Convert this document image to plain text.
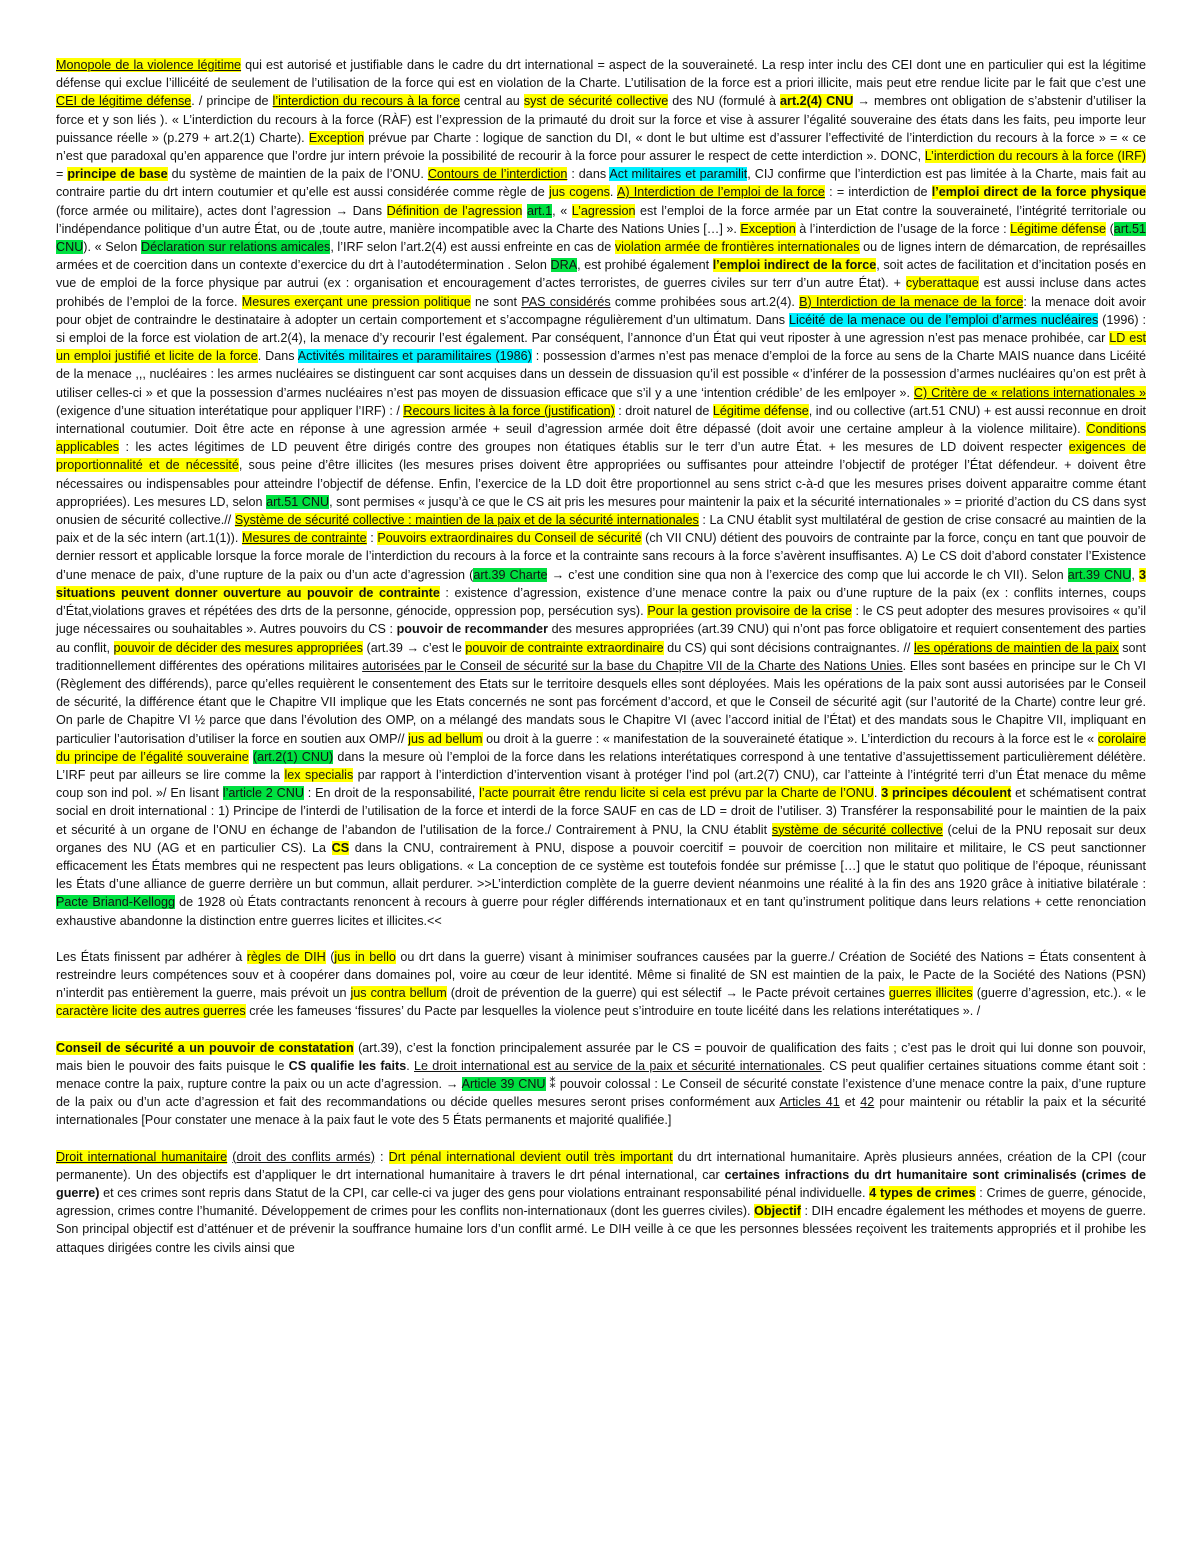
Monopole de la violence légitime qui est autorisé et justifiable dans le cadre du drt international = aspect de la souveraineté. La resp inter inclu des CEI dont une en particulier qui est la légitime défense qui exclue l’illicéité de seulement de l’utilisation de la force qui est en violation de la Charte. L’utilisation de la force est a priori illicite, mais peut etre rendue licite par le fait que c’est une CEI de légitime défense. / principe de l’interdiction du recours à la force central au syst de sécurité collective des NU (formulé à art.2(4) CNU → membres ont obligation de s’abstenir d’utiliser la force et y son liés ). « L’interdiction du recours à la force (RÀF) est l’expression de la primauté du droit sur la force et vise à assurer l’égalité souveraine des états dans les faits, peu importe leur puissance réelle » (p.279 + art.2(1) Charte). Exception prévue par Charte : logique de sanction du DI, « dont le but ultime est d’assurer l’effectivité de l’interdiction du recours à la force » = « ce n’est que paradoxal qu’en apparence que l’ordre jur intern prévoie la possibilité de recourir à la force pour assurer le respect de cette interdiction ». DONC, L’interdiction du recours à la force (IRF) = principe de base du système de maintien de la paix de l’ONU. Contours de l’interdiction : dans Act militaires et paramilit, CIJ confirme que l’interdiction est pas limitée à la Charte, mais fait au contraire partie du drt intern coutumier et qu’elle est aussi considérée comme règle de jus cogens. A) Interdiction de l’emploi de la force : = interdiction de l’emploi direct de la force physique (force armée ou militaire), actes dont l’agression → Dans Définition de l’agression art.1, « L’agression est l’emploi de la force armée par un Etat contre la souveraineté, l’intégrité territoriale ou l’indépendance politique d’un autre État, ou de ,toute autre, manière incompatible avec la Charte des Nations Unies […] ». Exception à l’interdiction de l’usage de la force : Légitime défense (art.51 CNU). « Selon Déclaration sur relations amicales, l’IRF selon l’art.2(4) est aussi enfreinte en cas de violation armée de frontières internationales ou de lignes intern de démarcation, de représailles armées et de coercition dans un contexte d’exercice du drt à l’autodétermination . Selon DRA, est prohibé également l’emploi indirect de la force, soit actes de facilitation et d’incitation posés en vue de emploi de la force physique par autrui (ex : organisation et encouragement d’actes terroristes, de guerres civiles sur terr d’un autre État). + cyberattaque est aussi incluse dans actes prohibés de l’emploi de la force. Mesures exerçant une pression politique ne sont PAS considérés comme prohibées sous art.2(4). B) Interdiction de la menace de la force: la menace doit avoir pour objet de contraindre le destinataire à adopter un certain comportement et s’accompagne régulièrement d’un ultimatum. Dans Licéité de la menace ou de l’emploi d’armes nucléaires (1996) : si emploi de la force est violation de art.2(4), la menace d’y recourir l’est également. Par conséquent, l’annonce d’un État qui veut riposter à une agression n’est pas menace prohibée, car LD est un emploi justifié et licite de la force. Dans Activités militaires et paramilitaires (1986) : possession d’armes n’est pas menace d’emploi de la force au sens de la Charte MAIS nuance dans Licéité de la menace ,,, nucléaires : les armes nucléaires se distinguent car sont acquises dans un dessein de dissuasion qu’il est possible « d’inférer de la possession d’armes nucléaires qu’on est prêt à utiliser celles-ci » et que la possession d’armes nucléaires n’est pas moyen de dissuasion efficace que s’il y a une ‘intention crédible’ de les emlpoyer ». C) Critère de « relations internationales » (exigence d’une situation interétatique pour appliquer l’IRF) : / Recours licites à la force (justification) : droit naturel de Légitime défense, ind ou collective (art.51 CNU) + est aussi reconnue en droit international coutumier. Doit être acte en réponse à une agression armée + seuil d’agression armée doit être dépassé (doit avoir une certaine ampleur à la violence militaire). Conditions applicables : les actes légitimes de LD peuvent être dirigés contre des groupes non étatiques établis sur le terr d’un autre État. + les mesures de LD doivent respecter exigences de proportionnalité et de nécessité, sous peine d’être illicites (les mesures prises doivent être appropriées ou suffisantes pour atteindre l’objectif de protéger l’État défendeur. + doivent être nécessaires ou indispensables pour atteindre l’objectif de défense. Enfin, l’exercice de la LD doit être proportionnel au sens strict c-à-d que les mesures prises doivent apparaitre comme étant appropriées). Les mesures LD, selon art.51 CNU, sont permises « jusqu’à ce que le CS ait pris les mesures pour maintenir la paix et la sécurité internationales » = priorité d’action du CS dans syst onusien de sécurité collective.// Système de sécurité collective : maintien de la paix et de la sécurité internationales : La CNU établit syst multilatéral de gestion de crise consacré au maintien de la paix et de la séc intern (art.1(1)). Mesures de contrainte : Pouvoirs extraordinaires du Conseil de sécurité (ch VII CNU) détient des pouvoirs de contrainte par la force, conçu en tant que pouvoir de dernier ressort et applicable lorsque la force morale de l’interdiction du recours à la force et la contrainte sans recours à la force s’avèrent insuffisantes. A) Le CS doit d’abord constater l’Existence d’une menace de paix, d’une rupture de la paix ou d’un acte d’agression (art.39 Charte → c’est une condition sine qua non à l’exercice des comp que lui accorde le ch VII). Selon art.39 CNU, 3 situations peuvent donner ouverture au pouvoir de contrainte : existence d’agression, existence d’une menace contre la paix ou d’une rupture de la paix (ex : conflits internes, coups d’État,violations graves et répétées des drts de la personne, génocide, oppression pop, persécution sys). Pour la gestion provisoire de la crise : le CS peut adopter des mesures provisoires « qu’il juge nécessaires ou souhaitables ». Autres pouvoirs du CS : pouvoir de recommander des mesures appropriées (art.39 CNU) qui n’ont pas force obligatoire et requiert consentement des parties au conflit, pouvoir de décider des mesures appropriées (art.39 → c’est le pouvoir de contrainte extraordinaire du CS) qui sont décisions contraignantes. // les opérations de maintien de la paix sont traditionnellement différentes des opérations militaires autorisées par le Conseil de sécurité sur la base du Chapitre VII de la Charte des Nations Unies. Elles sont basées en principe sur le Ch VI (Règlement des différends), parce qu’elles requièrent le consentement des Etats sur le territoire desquels elles sont déployées. Mais les opérations de la paix sont aussi autorisées par le Conseil de sécurité, la différence étant que le Chapitre VII implique que les Etats concernés ne sont pas forcément d’accord, et que le Conseil de sécurité agit (sur l’autorité de la Charte) contre leur gré. On parle de Chapitre VI ½ parce que dans l’évolution des OMP, on a mélangé des mandats sous le Chapitre VI (avec l’accord initial de l’État) et des mandats sous le Chapitre VII, impliquant en particulier l’autorisation d’utiliser la force en soutien aux OMP// jus ad bellum ou droit à la guerre : « manifestation de la souveraineté étatique ». L’interdiction du recours à la force est le « corolaire du principe de l’égalité souveraine (art.2(1) CNU) dans la mesure où l’emploi de la force dans les relations interétatiques correspond à une tentative d’assujettissement particulièrement délétère. L’IRF peut par ailleurs se lire comme la lex specialis par rapport à l’interdiction d’intervention visant à protéger l’ind pol (art.2(7) CNU), car l’atteinte à l’intégrité terri d’un État menace du même coup son ind pol. »/ En lisant l’article 2 CNU : En droit de la responsabilité, l’acte pourrait être rendu licite si cela est prévu par la Charte de l’ONU. 3 principes découlent et schématisent contrat social en droit international : 1) Principe de l’interdi de l’utilisation de la force et interdi de la force SAUF en cas de LD = droit de l’utiliser. 3) Transférer la responsabilité pour le maintien de la paix et sécurité à un organe de l’ONU en échange de l’abandon de l’utilisation de la force./ Contrairement à PNU, la CNU établit système de sécurité collective (celui de la PNU reposait sur deux organes des NU (AG et en particulier CS). La CS dans la CNU, contrairement à PNU, dispose a pouvoir coercitif = pouvoir de coercition non militaire et militaire, le CS peut sanctionner efficacement les États membres qui ne respectent pas leurs obligations. « La conception de ce système est toutefois fondée sur prémisse […] que le statut quo politique de l’époque, réunissant les États d’une alliance de guerre derrière un but commun, allait perdurer. >>L’interdiction complète de la guerre devient néanmoins une réalité à la fin des ans 1920 grâce à initiative bilatérale : Pacte Briand-Kellogg de 1928 où États contractants renoncent à recours à guerre pour régler différends internationaux et en tant qu’instrument politique dans leurs relations + cette renonciation exhaustive abandonne la distinction entre guerres licites et illicites.<<

Les États finissent par adhérer à règles de DIH (jus in bello ou drt dans la guerre) visant à minimiser soufrances causées par la guerre./ Création de Société des Nations = États consentent à restreindre leurs compétences souv et à coopérer dans domaines pol, voire au cœur de leur identité. Même si finalité de SN est maintien de la paix, le Pacte de la Société des Nations (PSN) n’interdit pas entièrement la guerre, mais prévoit un jus contra bellum (droit de prévention de la guerre) qui est sélectif → le Pacte prévoit certaines guerres illicites (guerre d’agression, etc.). « le caractère licite des autres guerres crée les fameuses ‘fissures’ du Pacte par lesquelles la violence peut s’introduire en toute licéité dans les relations interétatiques ». /

Conseil de sécurité a un pouvoir de constatation (art.39), c’est la fonction principalement assurée par le CS = pouvoir de qualification des faits ; c’est pas le droit qui lui donne son pouvoir, mais bien le pouvoir des faits puisque le CS qualifie les faits. Le droit international est au service de la paix et sécurité internationales. CS peut qualifier certaines situations comme étant soit : menace contre la paix, rupture contre la paix ou un acte d’agression. → Article 39 CNU ⁑ pouvoir colossal : Le Conseil de sécurité constate l’existence d’une menace contre la paix, d’une rupture de la paix ou d’un acte d’agression et fait des recommandations ou décide quelles mesures seront prises conformément aux Articles 41 et 42 pour maintenir ou rétablir la paix et la sécurité internationales [Pour constater une menace à la paix faut le vote des 5 États permanents et majorité qualifiée.]

Droit international humanitaire (droit des conflits armés) : Drt pénal international devient outil très important du drt international humanitaire. Après plusieurs années, création de la CPI (cour permanente). Un des objectifs est d’appliquer le drt international humanitaire à travers le drt pénal international, car certaines infractions du drt humanitaire sont criminalisés (crimes de guerre) et ces crimes sont repris dans Statut de la CPI, car celle-ci va juger des gens pour violations entrainant responsabilité pénal individuelle. 4 types de crimes : Crimes de guerre, génocide, agression, crimes contre l’humanité. Développement de crimes pour les conflits non-internationaux (dont les guerres civiles). Objectif : DIH encadre également les méthodes et moyens de guerre. Son principal objectif est d’atténuer et de prévenir la souffrance humaine lors d’un conflit armé. Le DIH veille à ce que les personnes blessées reçoivent les traitements appropriés et il prohibe les attaques dirigées contre les civils ainsi que
